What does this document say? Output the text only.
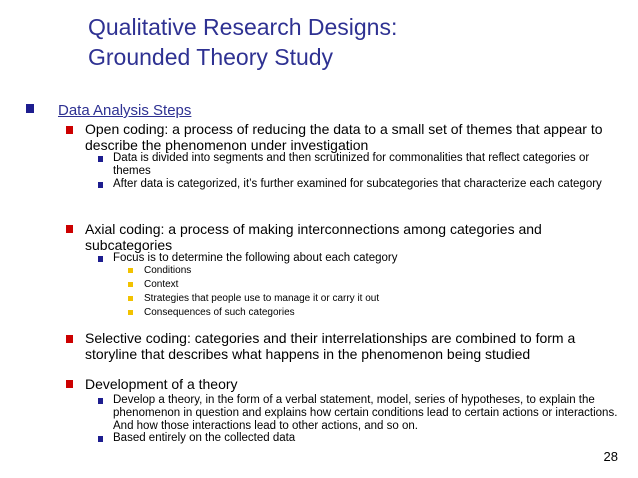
Qualitative Research Designs:
Grounded Theory Study
Data Analysis Steps
Open coding: a process of reducing the data to a small set of themes that appear to describe the phenomenon under investigation
Data is divided into segments and then scrutinized for commonalities that reflect categories or themes
After data is categorized, it’s further examined for subcategories that characterize each category
Axial coding: a process of making interconnections among categories and subcategories
Focus is to determine the following about each category
Conditions
Context
Strategies that people use to manage it or carry it out
Consequences of such categories
Selective coding: categories and their interrelationships are combined to form a storyline that describes what happens in the phenomenon being studied
Development of a theory
Develop a theory, in the form of a verbal statement, model, series of hypotheses, to explain the phenomenon in question and explains how certain conditions lead to certain actions or interactions. And how those interactions lead to other actions, and so on.
Based entirely on the collected data
28
